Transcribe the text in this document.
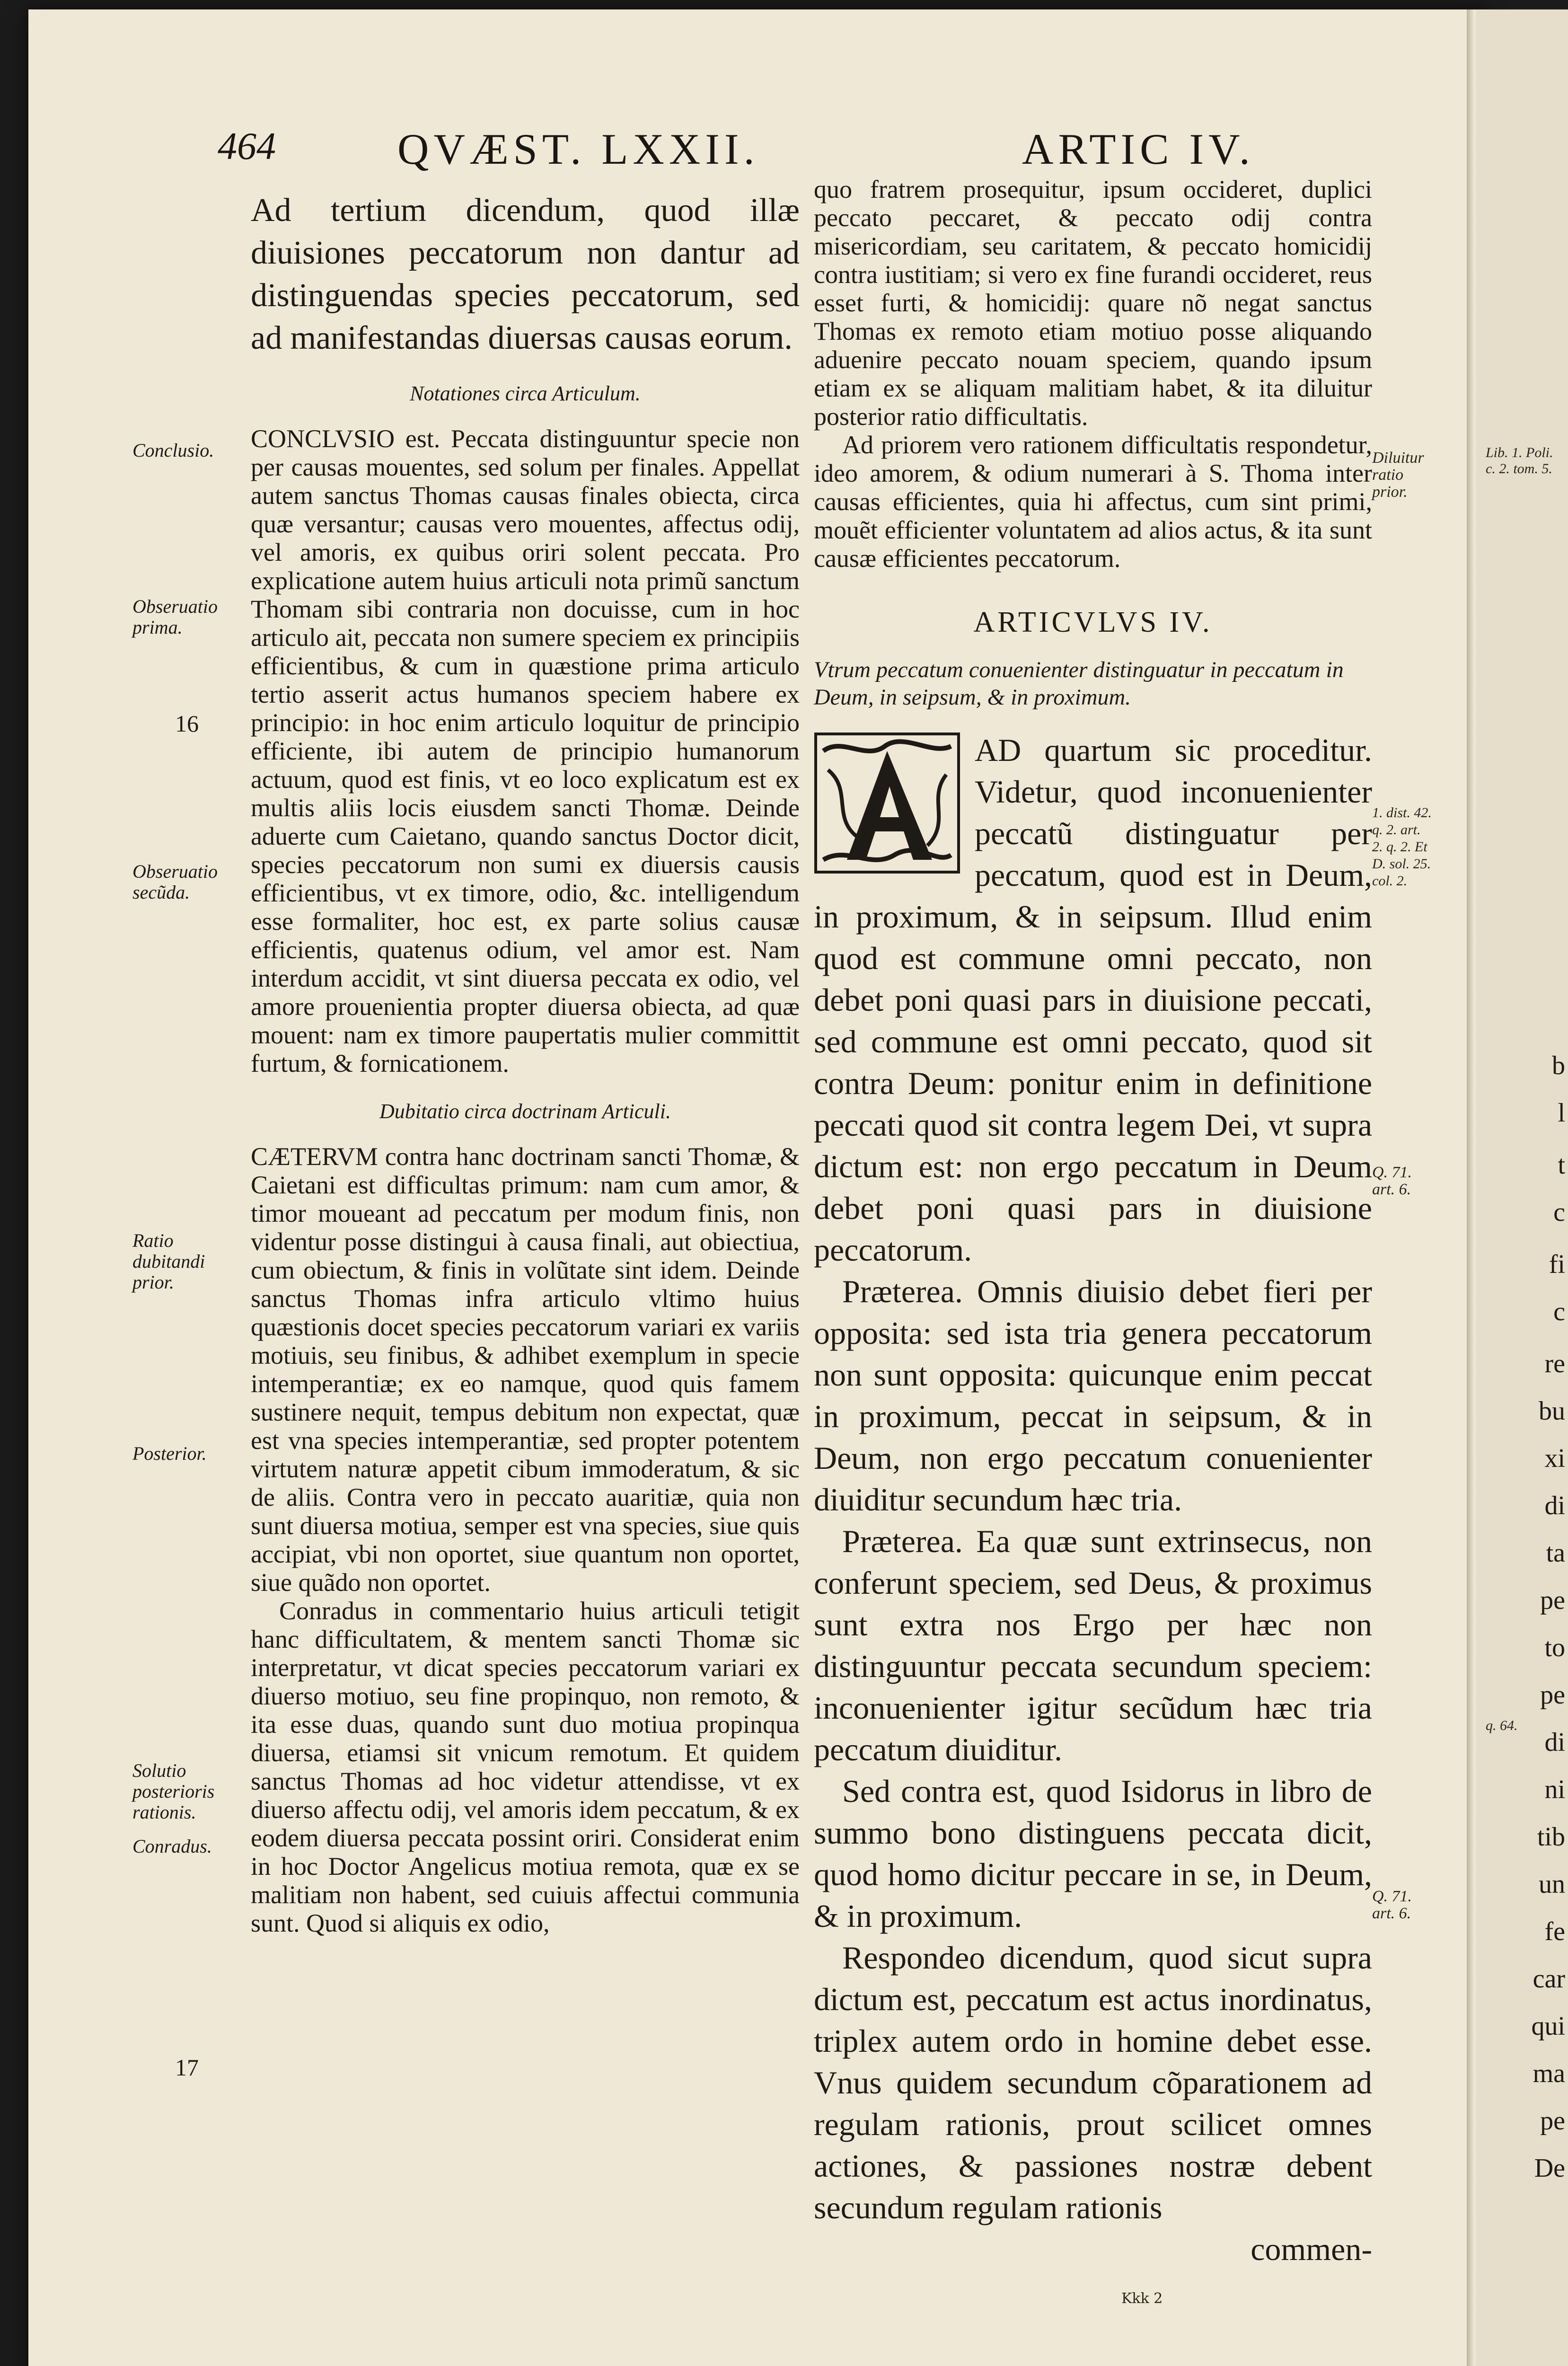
464	QVÆST. LXXII.	ARTIC IV.

Ad tertium dicendum, quod illæ diuisiones peccatorum non dantur ad distinguendas species peccatorum, sed ad manifestandas diuersas causas eorum.

Notationes circa Articulum.

CONCLVSIO est. Peccata distinguuntur specie non per causas mouentes, sed solum per finales. Appellat autem sanctus Thomas causas finales obiecta, circa quæ versantur; causas vero mouentes, affectus odij, vel amoris, ex quibus oriri solent peccata. Pro explicatione autem huius articuli nota primũ sanctum Thomam sibi contraria non docuisse, cum in hoc articulo ait, peccata non sumere speciem ex principiis efficientibus, & cum in quæstione prima articulo tertio asserit actus humanos speciem habere ex principio: in hoc enim articulo loquitur de principio efficiente, ibi autem de principio humanorum actuum, quod est finis, vt eo loco explicatum est ex multis aliis locis eiusdem sancti Thomæ. Deinde aduerte cum Caietano, quando sanctus Doctor dicit, species peccatorum non sumi ex diuersis causis efficientibus, vt ex timore, odio, &c. intelligendum esse formaliter, hoc est, ex parte solius causæ efficientis, quatenus odium, vel amor est. Nam interdum accidit, vt sint diuersa peccata ex odio, vel amore prouenientia propter diuersa obiecta, ad quæ mouent: nam ex timore paupertatis mulier committit furtum, & fornicationem.

Dubitatio circa doctrinam Articuli.

CÆTERVM contra hanc doctrinam sancti Thomæ, & Caietani est difficultas primum: nam cum amor, & timor moueant ad peccatum per modum finis, non videntur posse distingui à causa finali, aut obiectiua, cum obiectum, & finis in volũtate sint idem. Deinde sanctus Thomas infra articulo vltimo huius quæstionis docet species peccatorum variari ex variis motiuis, seu finibus, & adhibet exemplum in specie intemperantiæ; ex eo namque, quod quis famem sustinere nequit, tempus debitum non expectat, quæ est vna species intemperantiæ, sed propter potentem virtutem naturæ appetit cibum immoderatum, & sic de aliis. Contra vero in peccato auaritiæ, quia non sunt diuersa motiua, semper est vna species, siue quis accipiat, vbi non oportet, siue quantum non oportet, siue quãdo non oportet.

Conradus in commentario huius articuli tetigit hanc difficultatem, & mentem sancti Thomæ sic interpretatur, vt dicat species peccatorum variari ex diuerso motiuo, seu fine propinquo, non remoto, & ita esse duas, quando sunt duo motiua propinqua diuersa, etiamsi sit vnicum remotum. Et quidem sanctus Thomas ad hoc videtur attendisse, vt ex diuerso affectu odij, vel amoris idem peccatum, & ex eodem diuersa peccata possint oriri. Considerat enim in hoc Doctor Angelicus motiua remota, quæ ex se malitiam non habent, sed cuiuis affectui communia sunt. Quod si aliquis ex odio,

Conclusio.
Obseruatio prima.
16
Obseruatio secũda.
Ratio dubitandi prior.
Posterior.
Solutio posterioris rationis.
Conradus.
17

quo fratrem prosequitur, ipsum occideret, duplici peccato peccaret, & peccato odij contra misericordiam, seu caritatem, & peccato homicidij contra iustitiam; si vero ex fine furandi occideret, reus esset furti, & homicidij: quare nõ negat sanctus Thomas ex remoto etiam motiuo posse aliquando aduenire peccato nouam speciem, quando ipsum etiam ex se aliquam malitiam habet, & ita diluitur posterior ratio difficultatis.

Ad priorem vero rationem difficultatis respondetur, ideo amorem, & odium numerari à S. Thoma inter causas efficientes, quia hi affectus, cum sint primi, mouẽt efficienter voluntatem ad alios actus, & ita sunt causæ efficientes peccatorum.

ARTICVLVS IV.
Vtrum peccatum conuenienter distinguatur in peccatum in Deum, in seipsum, & in proximum.

AD quartum sic proceditur. Videtur, quod inconuenienter peccatũ distinguatur per peccatum, quod est in Deum, in proximum, & in seipsum. Illud enim quod est commune omni peccato, non debet poni quasi pars in diuisione peccati, sed commune est omni peccato, quod sit contra Deum: ponitur enim in definitione peccati quod sit contra legem Dei, vt supra dictum est: non ergo peccatum in Deum debet poni quasi pars in diuisione peccatorum.

Præterea. Omnis diuisio debet fieri per opposita: sed ista tria genera peccatorum non sunt opposita: quicunque enim peccat in proximum, peccat in seipsum, & in Deum, non ergo peccatum conuenienter diuiditur secundum hæc tria.

Præterea. Ea quæ sunt extrinsecus, non conferunt speciem, sed Deus, & proximus sunt extra nos Ergo per hæc non distinguuntur peccata secundum speciem: inconuenienter igitur secũdum hæc tria peccatum diuiditur.

Sed contra est, quod Isidorus in libro de summo bono distinguens peccata dicit, quod homo dicitur peccare in se, in Deum, & in proximum.

Respondeo dicendum, quod sicut supra dictum est, peccatum est actus inordinatus, triplex autem ordo in homine debet esse. Vnus quidem secundum cõparationem ad regulam rationis, prout scilicet omnes actiones, & passiones nostræ debent secundum regulam rationis

commen-
Diluitur ratio prior.
1. dist. 42. q. 2. art. 2. q. 2. Et D. sol. 25. col. 2.
Q. 71. art. 6.
Q. 71. art. 6.
Lib. 1. Poli. c. 2. tom. 5.
q. 64.
b
l
t
c
fi
c
re
bu
xi
di
ta
pe
to
pe
di
ni
tib
un
fe
car
qui
ma
pe
De
Kkk 2
